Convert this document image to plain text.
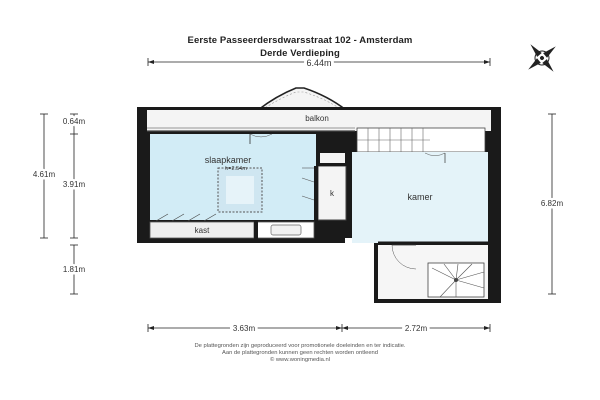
Eerste Passeerdersdwarsstraat 102 - Amsterdam
Derde Verdieping
6.44m
balkon
k
kast
slaapkamer
h=2.54m
kamer
0.64m
4.61m
3.91m
1.81m
6.82m
3.63m	2.72m
De plattegronden zijn geproduceerd voor promotionele doeleinden en ter indicatie.
Aan de plattegronden kunnen geen rechten worden ontleend
© www.woningmedia.nl
